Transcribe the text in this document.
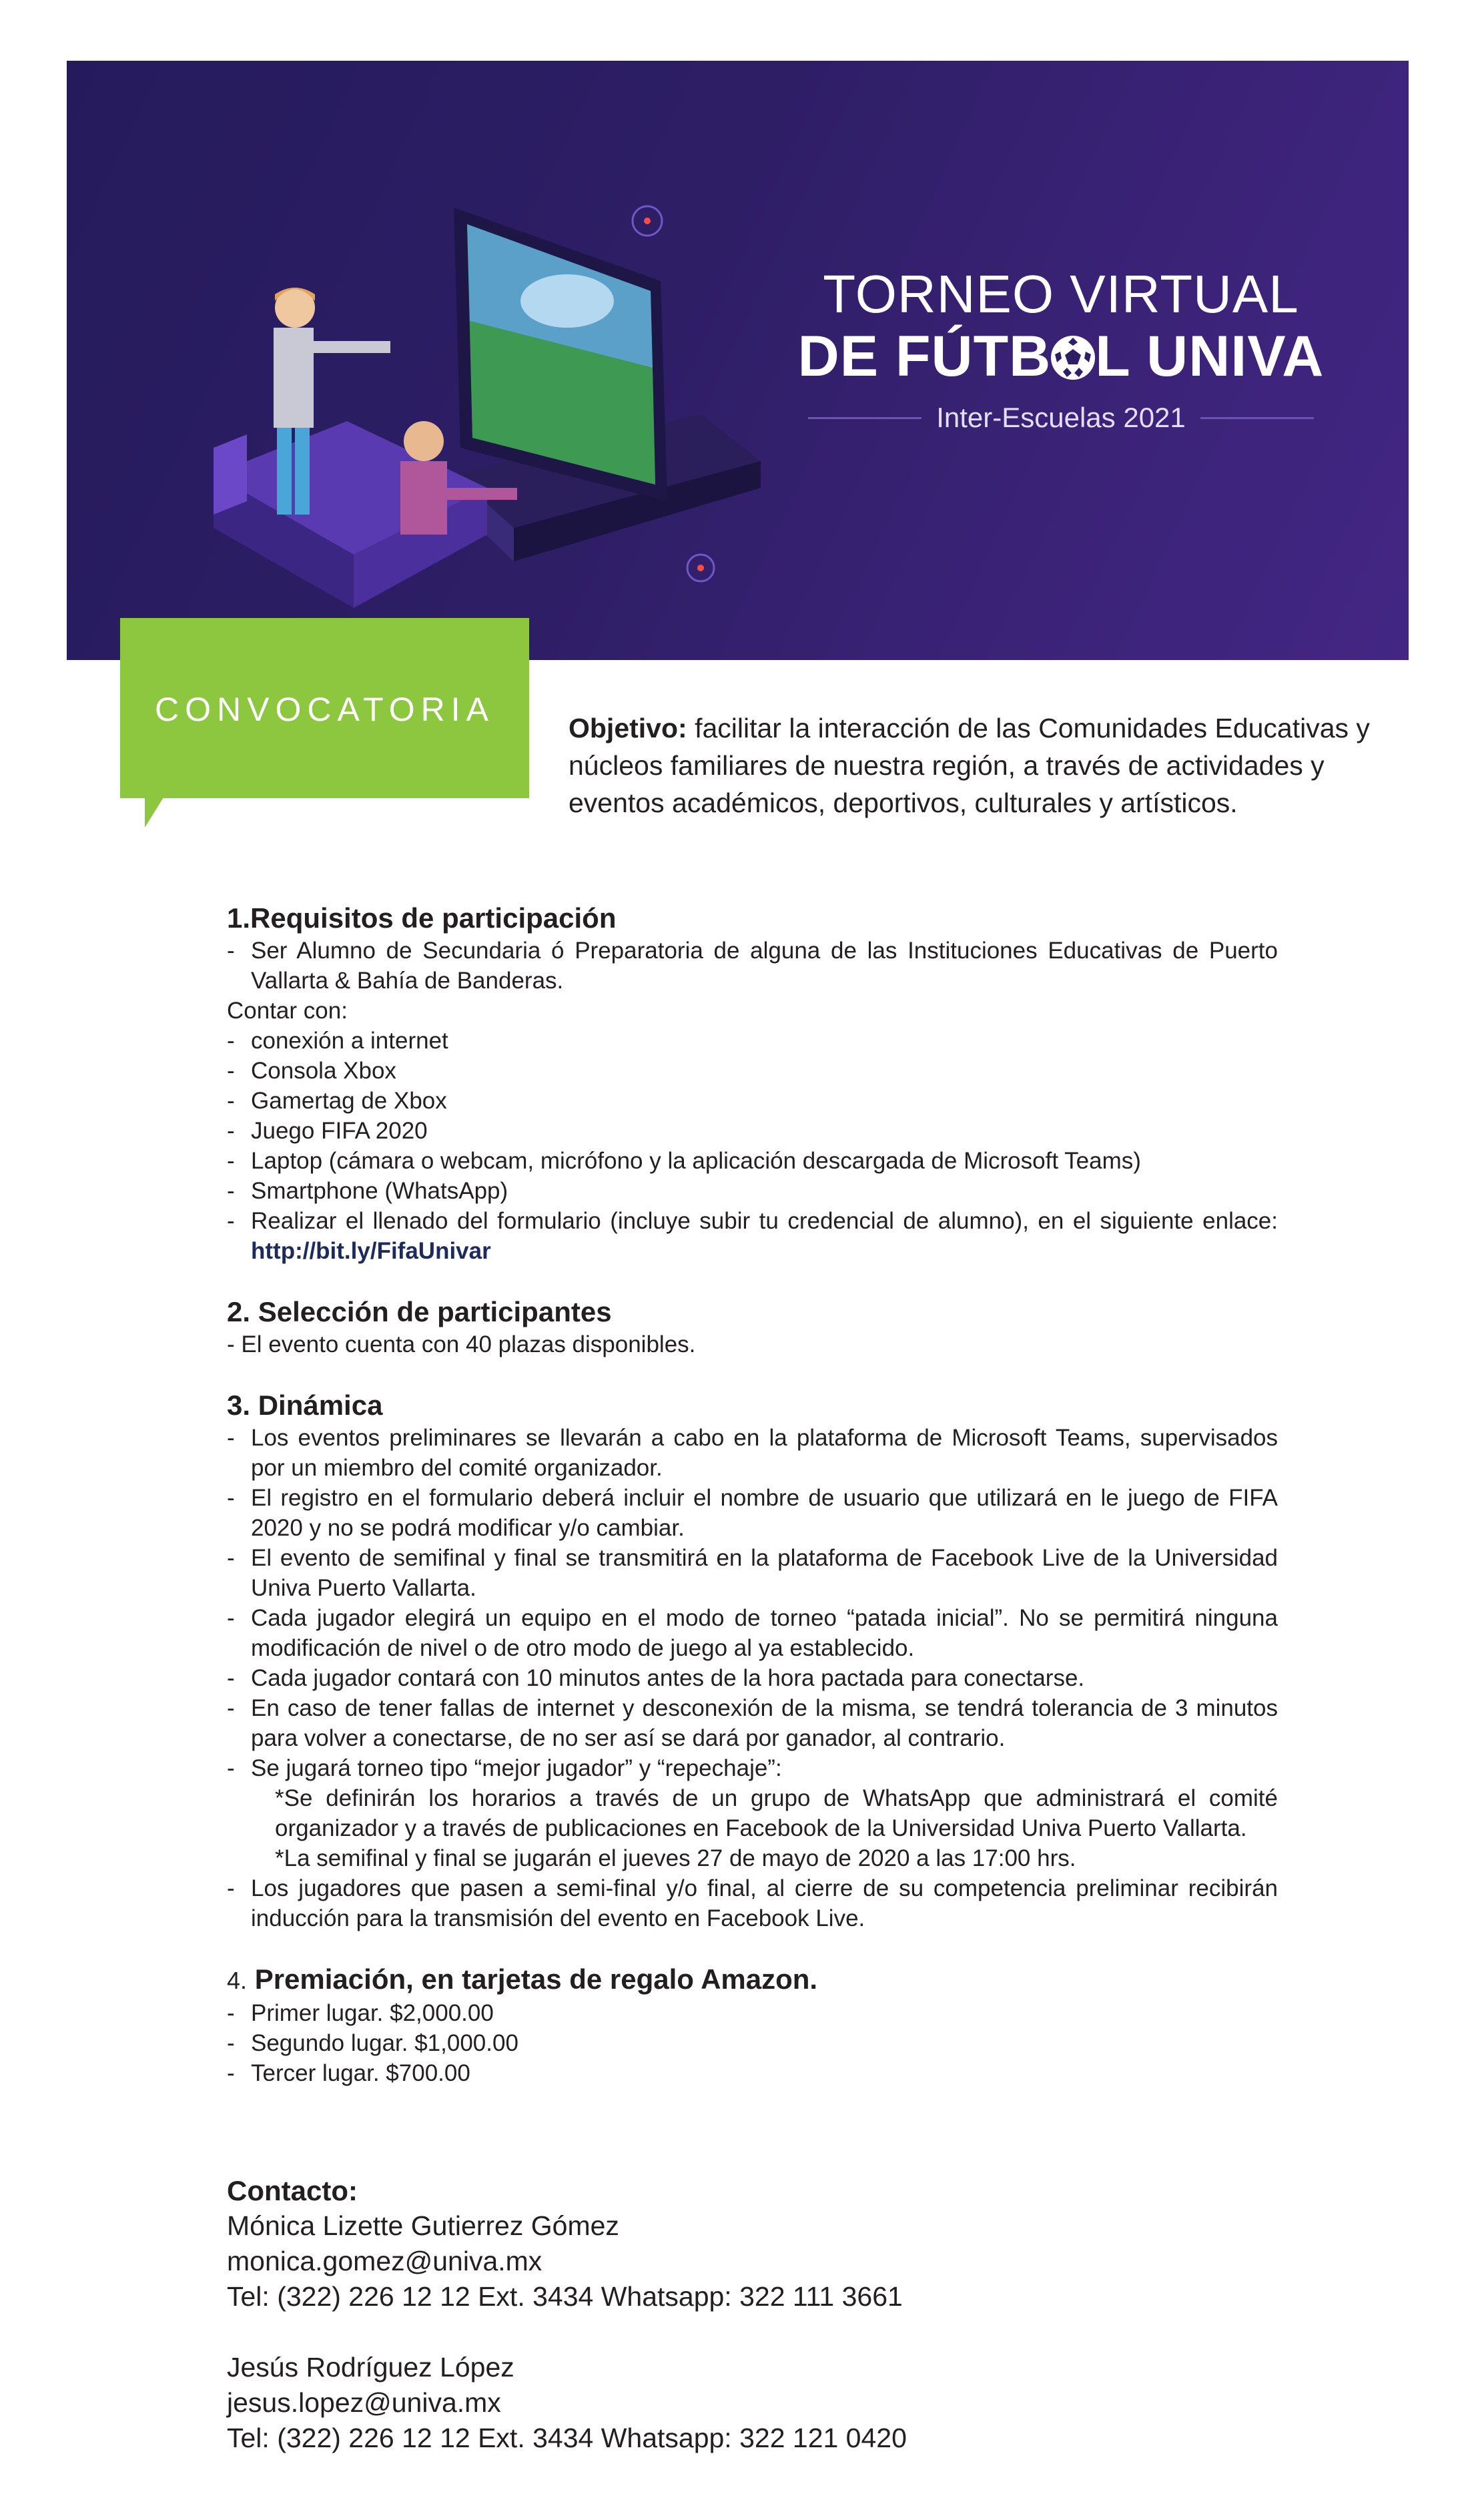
TORNEO VIRTUAL
DE FÚTB L UNIVA
Inter-Escuelas 2021
CONVOCATORIA	Objetivo: facilitar la interacción de las Comunidades Educativas y núcleos familiares de nuestra región, a través de actividades y eventos académicos, deportivos, culturales y artísticos.
1.Requisitos de participación
- Ser Alumno de Secundaria ó Preparatoria de alguna de las Instituciones Educativas de Puerto Vallarta & Bahía de Banderas.
Contar con:
- conexión a internet
- Consola Xbox
- Gamertag de Xbox
- Juego FIFA 2020
- Laptop (cámara o webcam, micrófono y la aplicación descargada de Microsoft Teams)
- Smartphone (WhatsApp)
- Realizar el llenado del formulario (incluye subir tu credencial de alumno), en el siguiente enlace: http://bit.ly/FifaUnivar
2. Selección de participantes
- El evento cuenta con 40 plazas disponibles.
3. Dinámica
- Los eventos preliminares se llevarán a cabo en la plataforma de Microsoft Teams, supervisados por un miembro del comité organizador.
- El registro en el formulario deberá incluir el nombre de usuario que utilizará en le juego de FIFA 2020 y no se podrá modificar y/o cambiar.
- El evento de semifinal y final se transmitirá en la plataforma de Facebook Live de la Universidad Univa Puerto Vallarta.
- Cada jugador elegirá un equipo en el modo de torneo “patada inicial”. No se permitirá ninguna modificación de nivel o de otro modo de juego al ya establecido.
- Cada jugador contará con 10 minutos antes de la hora pactada para conectarse.
- En caso de tener fallas de internet y desconexión de la misma, se tendrá tolerancia de 3 minutos para volver a conectarse, de no ser así se dará por ganador, al contrario.
- Se jugará torneo tipo “mejor jugador” y “repechaje”:
*Se definirán los horarios a través de un grupo de WhatsApp que administrará el comité organizador y a través de publicaciones en Facebook de la Universidad Univa Puerto Vallarta.
*La semifinal y final se jugarán el jueves 27 de mayo de 2020 a las 17:00 hrs.
- Los jugadores que pasen a semi-final y/o final, al cierre de su competencia preliminar recibirán inducción para la transmisión del evento en Facebook Live.
4. Premiación, en tarjetas de regalo Amazon.
- Primer lugar. $2,000.00
- Segundo lugar. $1,000.00
- Tercer lugar. $700.00
Contacto:
Mónica Lizette Gutierrez Gómez
monica.gomez@univa.mx
Tel: (322) 226 12 12 Ext. 3434 Whatsapp: 322 111 3661
Jesús Rodríguez López
jesus.lopez@univa.mx
Tel: (322) 226 12 12 Ext. 3434 Whatsapp: 322 121 0420
